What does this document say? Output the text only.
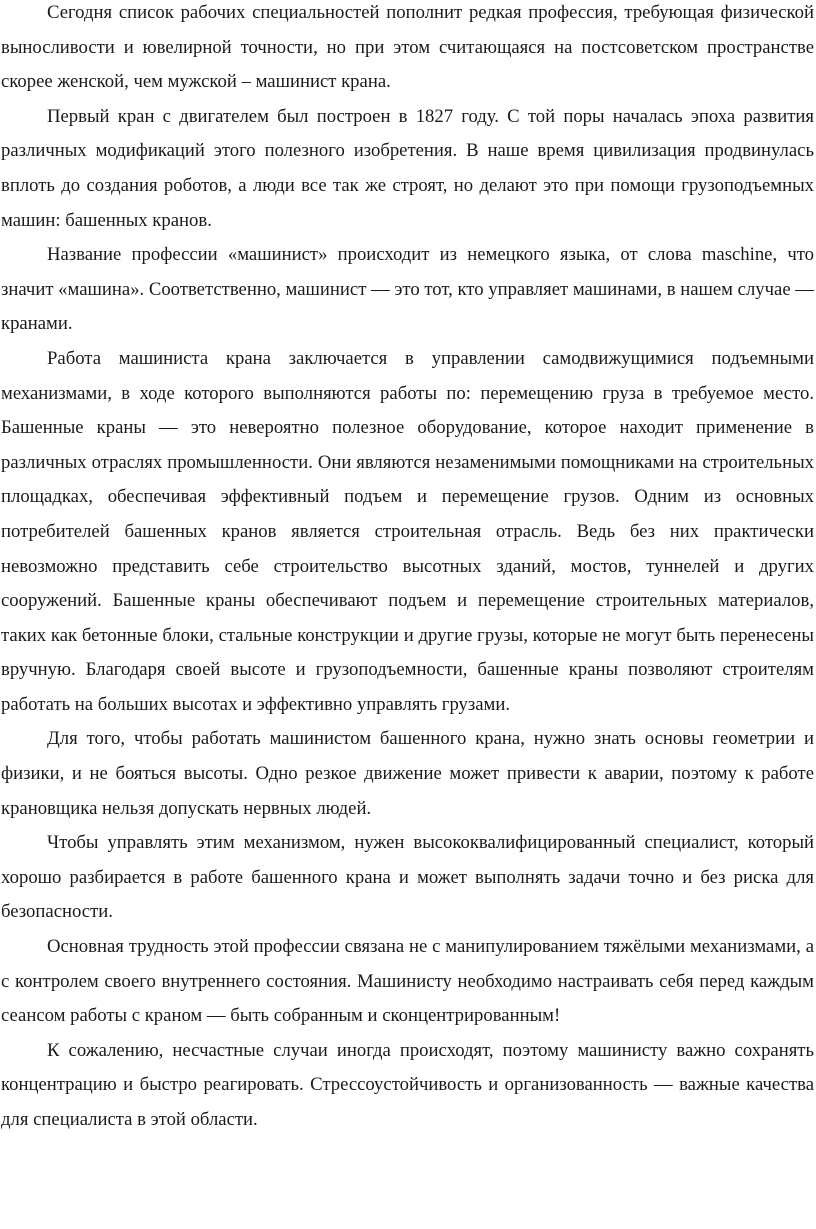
Сегодня список рабочих специальностей пополнит редкая профессия, требующая физической выносливости и ювелирной точности, но при этом считающаяся на постсоветском пространстве скорее женской, чем мужской – машинист крана.

Первый кран с двигателем был построен в 1827 году. С той поры началась эпоха развития различных модификаций этого полезного изобретения. В наше время цивилизация продвинулась вплоть до создания роботов, а люди все так же строят, но делают это при помощи грузоподъемных машин: башенных кранов.

Название профессии «машинист» происходит из немецкого языка, от слова maschine, что значит «машина». Соответственно, машинист — это тот, кто управляет машинами, в нашем случае — кранами.

Работа машиниста крана заключается в управлении самодвижущимися подъемными механизмами, в ходе которого выполняются работы по: перемещению груза в требуемое место. Башенные краны — это невероятно полезное оборудование, которое находит применение в различных отраслях промышленности. Они являются незаменимыми помощниками на строительных площадках, обеспечивая эффективный подъем и перемещение грузов. Одним из основных потребителей башенных кранов является строительная отрасль. Ведь без них практически невозможно представить себе строительство высотных зданий, мостов, туннелей и других сооружений. Башенные краны обеспечивают подъем и перемещение строительных материалов, таких как бетонные блоки, стальные конструкции и другие грузы, которые не могут быть перенесены вручную. Благодаря своей высоте и грузоподъемности, башенные краны позволяют строителям работать на больших высотах и эффективно управлять грузами.

Для того, чтобы работать машинистом башенного крана, нужно знать основы геометрии и физики, и не бояться высоты. Одно резкое движение может привести к аварии, поэтому к работе крановщика нельзя допускать нервных людей.

Чтобы управлять этим механизмом, нужен высококвалифицированный специалист, который хорошо разбирается в работе башенного крана и может выполнять задачи точно и без риска для безопасности.

Основная трудность этой профессии связана не с манипулированием тяжёлыми механизмами, а с контролем своего внутреннего состояния. Машинисту необходимо настраивать себя перед каждым сеансом работы с краном — быть собранным и сконцентрированным!

К сожалению, несчастные случаи иногда происходят, поэтому машинисту важно сохранять концентрацию и быстро реагировать. Стрессоустойчивость и организованность — важные качества для специалиста в этой области.
